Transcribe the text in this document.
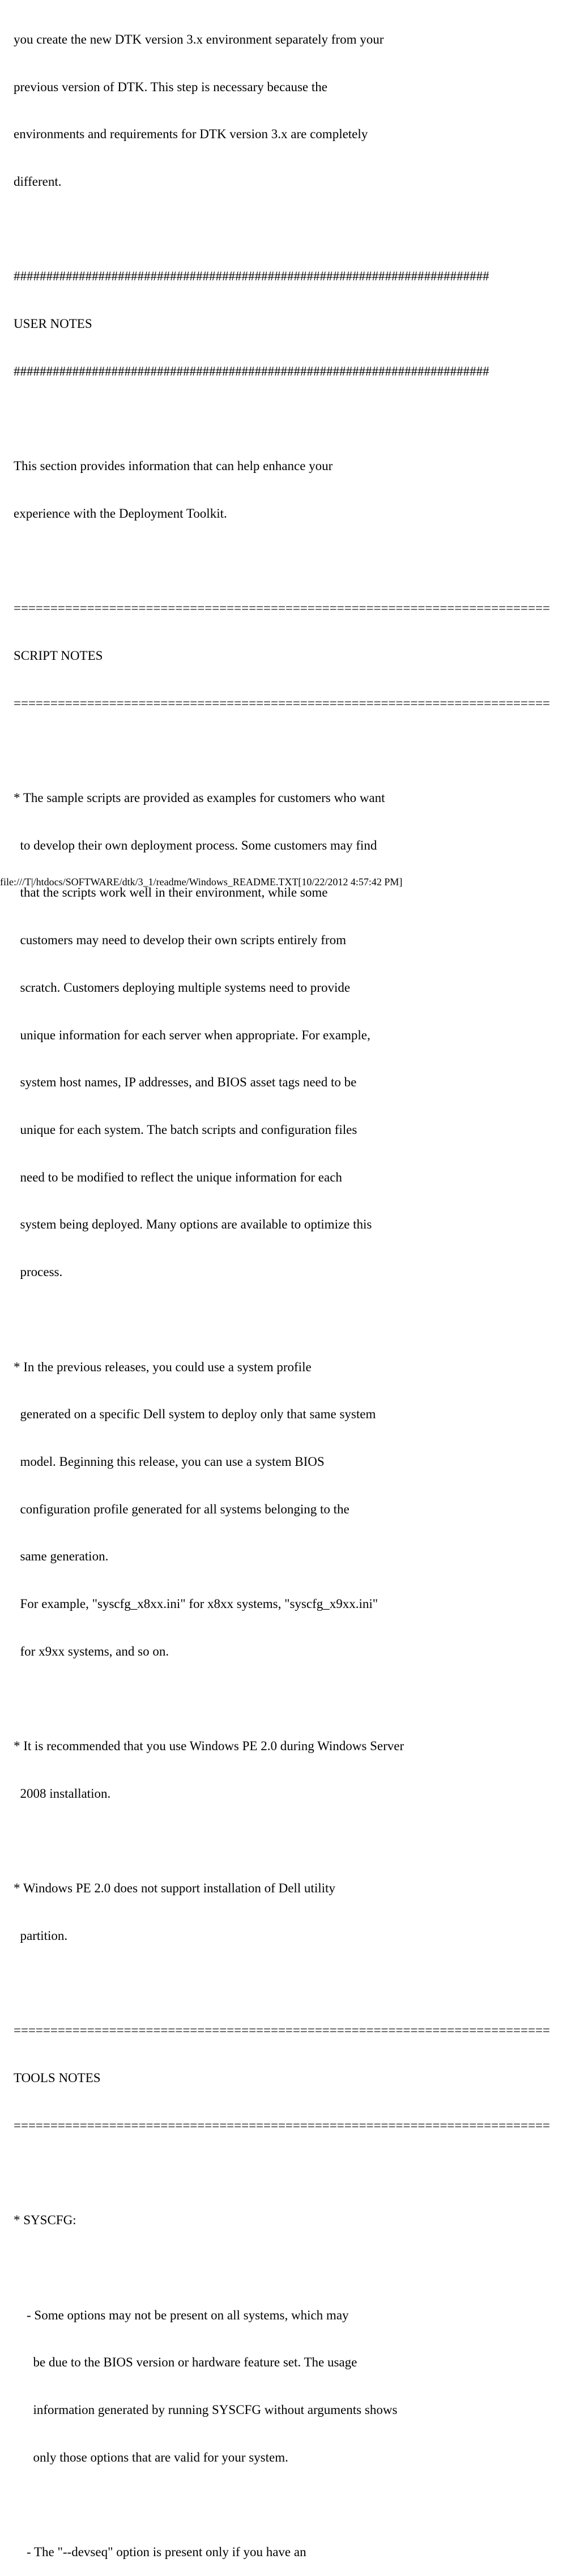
you create the new DTK version 3.x environment separately from your

previous version of DTK. This step is necessary because the

environments and requirements for DTK version 3.x are completely

different.

#########################################################################

USER NOTES

#########################################################################

This section provides information that can help enhance your

experience with the Deployment Toolkit.

=========================================================================

SCRIPT NOTES

=========================================================================

* The sample scripts are provided as examples for customers who want

to develop their own deployment process. Some customers may find

that the scripts work well in their environment, while some

customers may need to develop their own scripts entirely from

scratch. Customers deploying multiple systems need to provide

unique information for each server when appropriate. For example,

system host names, IP addresses, and BIOS asset tags need to be

unique for each system. The batch scripts and configuration files

need to be modified to reflect the unique information for each

system being deployed. Many options are available to optimize this

process.

* In the previous releases, you could use a system profile

generated on a specific Dell system to deploy only that same system

model. Beginning this release, you can use a system BIOS

configuration profile generated for all systems belonging to the

same generation.

For example, "syscfg_x8xx.ini" for x8xx systems, "syscfg_x9xx.ini"

for x9xx systems, and so on.

* It is recommended that you use Windows PE 2.0 during Windows Server

2008 installation.

* Windows PE 2.0 does not support installation of Dell utility

partition.

=========================================================================

TOOLS NOTES

=========================================================================

* SYSCFG:

- Some options may not be present on all systems, which may

be due to the BIOS version or hardware feature set. The usage

information generated by running SYSCFG without arguments shows

only those options that are valid for your system.

- The "--devseq" option is present only if you have an

file:///T|/htdocs/SOFTWARE/dtk/3_1/readme/Windows_README.TXT[10/22/2012 4:57:42 PM]
